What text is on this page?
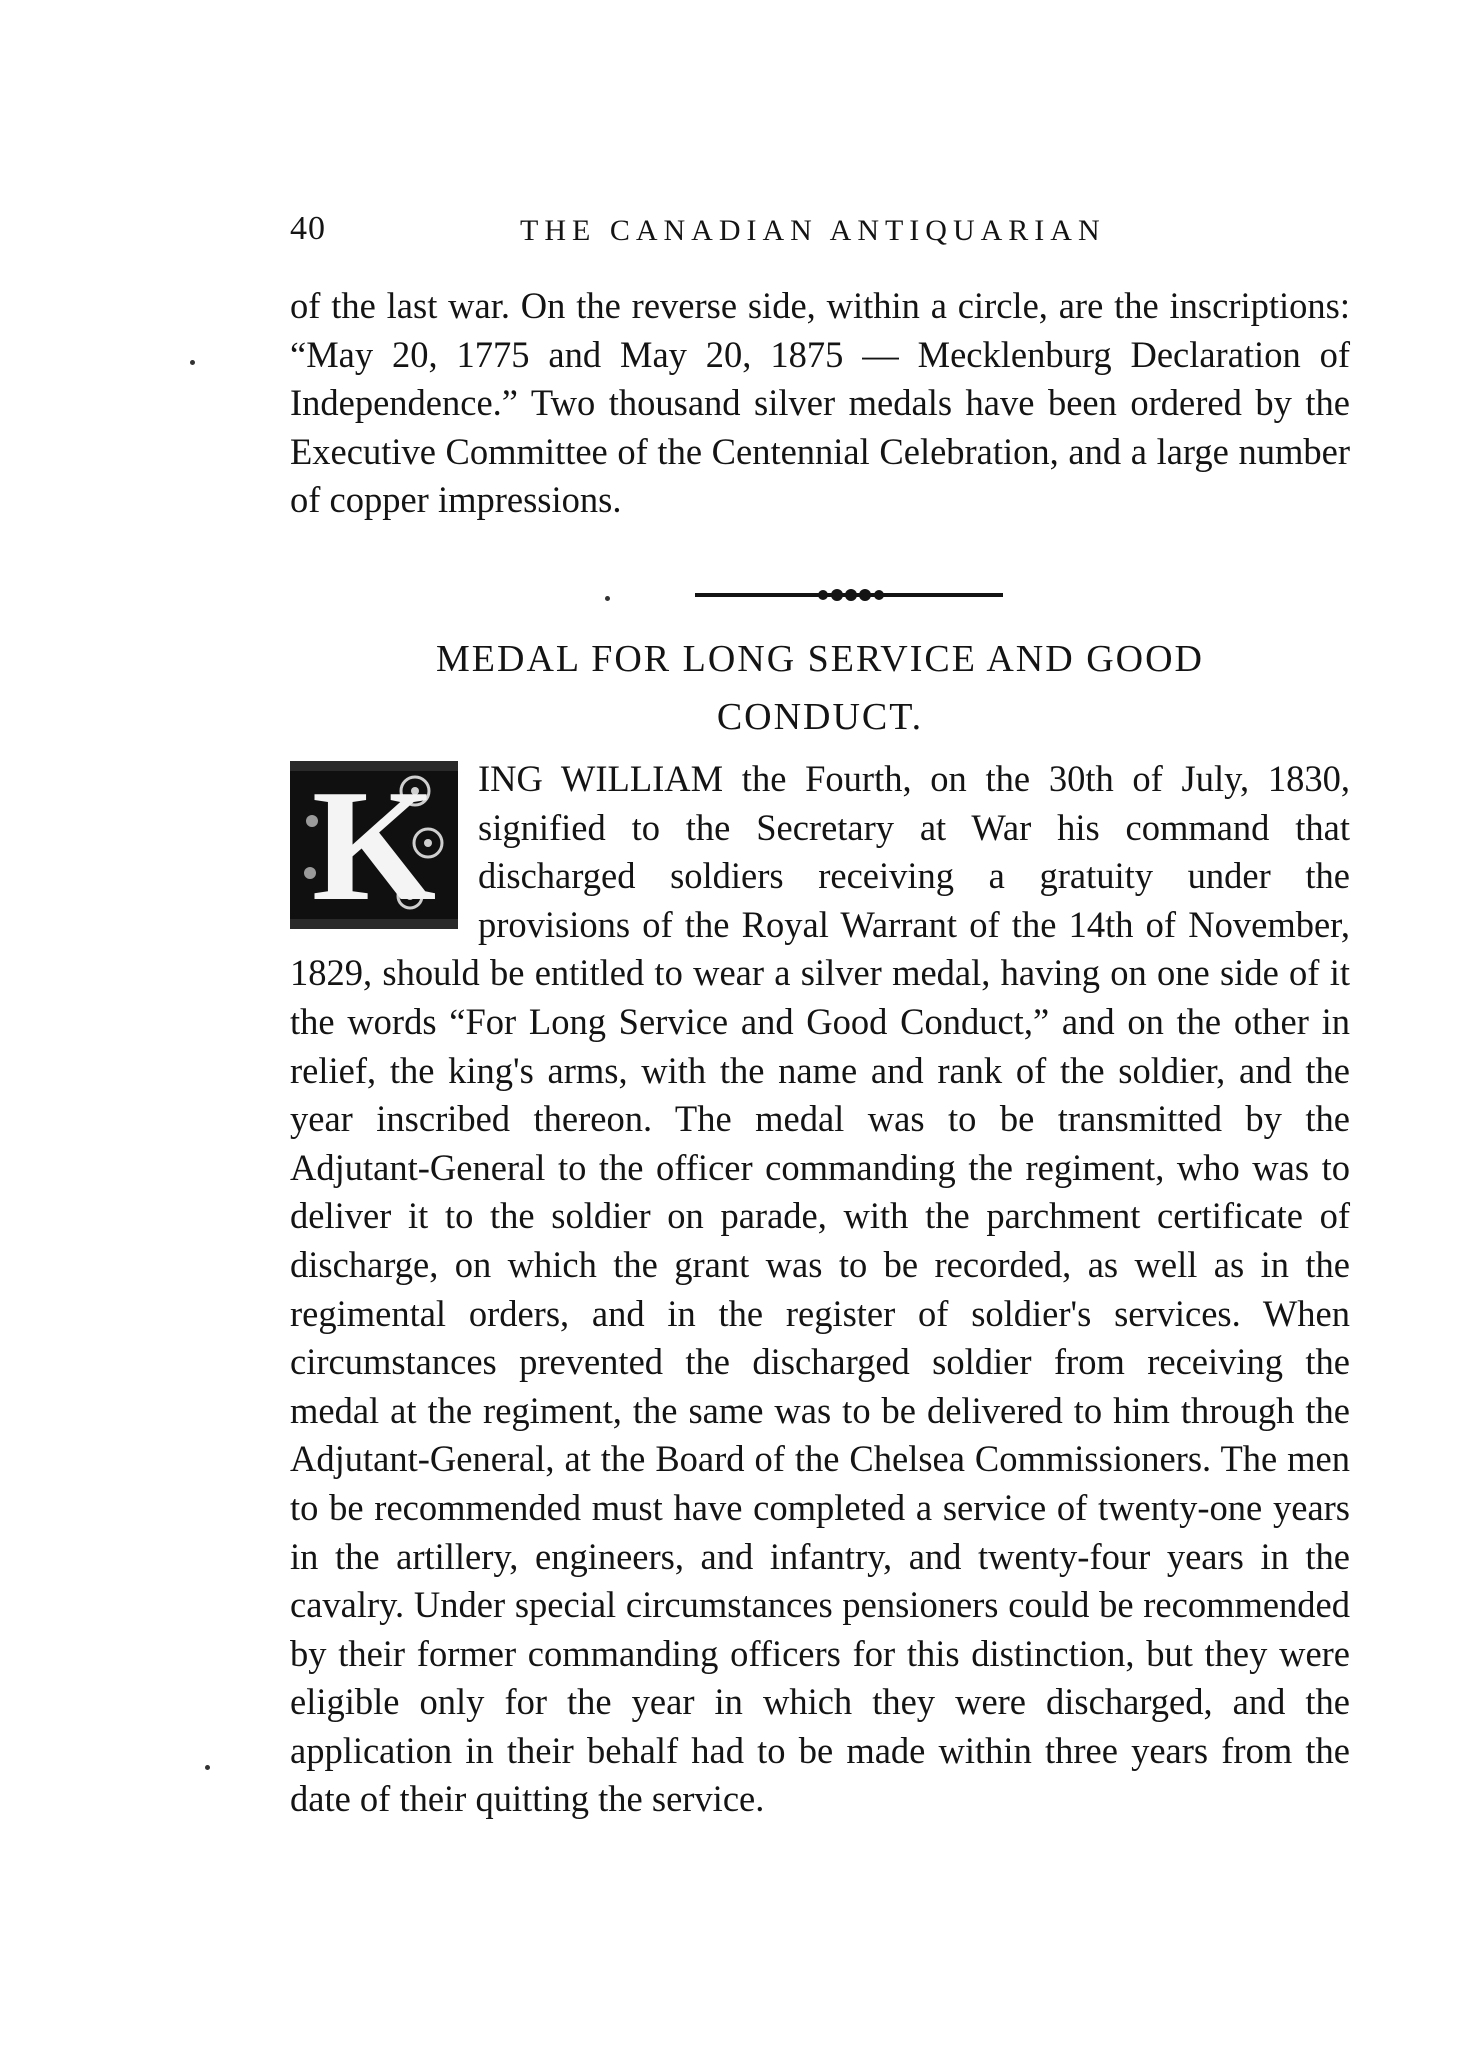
40	THE CANADIAN ANTIQUARIAN

of the last war. On the reverse side, within a circle, are the inscriptions: “May 20, 1775 and May 20, 1875 — Mecklenburg Declaration of Independence.” Two thousand silver medals have been ordered by the Executive Committee of the Centennial Celebration, and a large number of copper impressions.

MEDAL FOR LONG SERVICE AND GOOD
CONDUCT.
K	ING WILLIAM the Fourth, on the 30th of July, 1830, signified to the Secretary at War his command that discharged soldiers receiving a gratuity under the provisions of the Royal Warrant of the 14th of November, 1829, should be entitled to wear a silver medal, having on one side of it the words “For Long Service and Good Conduct,” and on the other in relief, the king's arms, with the name and rank of the soldier, and the year inscribed thereon. The medal was to be transmitted by the Adjutant-General to the officer commanding the regiment, who was to deliver it to the soldier on parade, with the parchment certificate of discharge, on which the grant was to be recorded, as well as in the regimental orders, and in the register of soldier's services. When circumstances prevented the discharged soldier from receiving the medal at the regiment, the same was to be delivered to him through the Adjutant-General, at the Board of the Chelsea Commissioners. The men to be recommended must have completed a service of twenty-one years in the artillery, engineers, and infantry, and twenty-four years in the cavalry. Under special circumstances pensioners could be recommended by their former commanding officers for this distinction, but they were eligible only for the year in which they were discharged, and the application in their behalf had to be made within three years from the date of their quitting the service.
